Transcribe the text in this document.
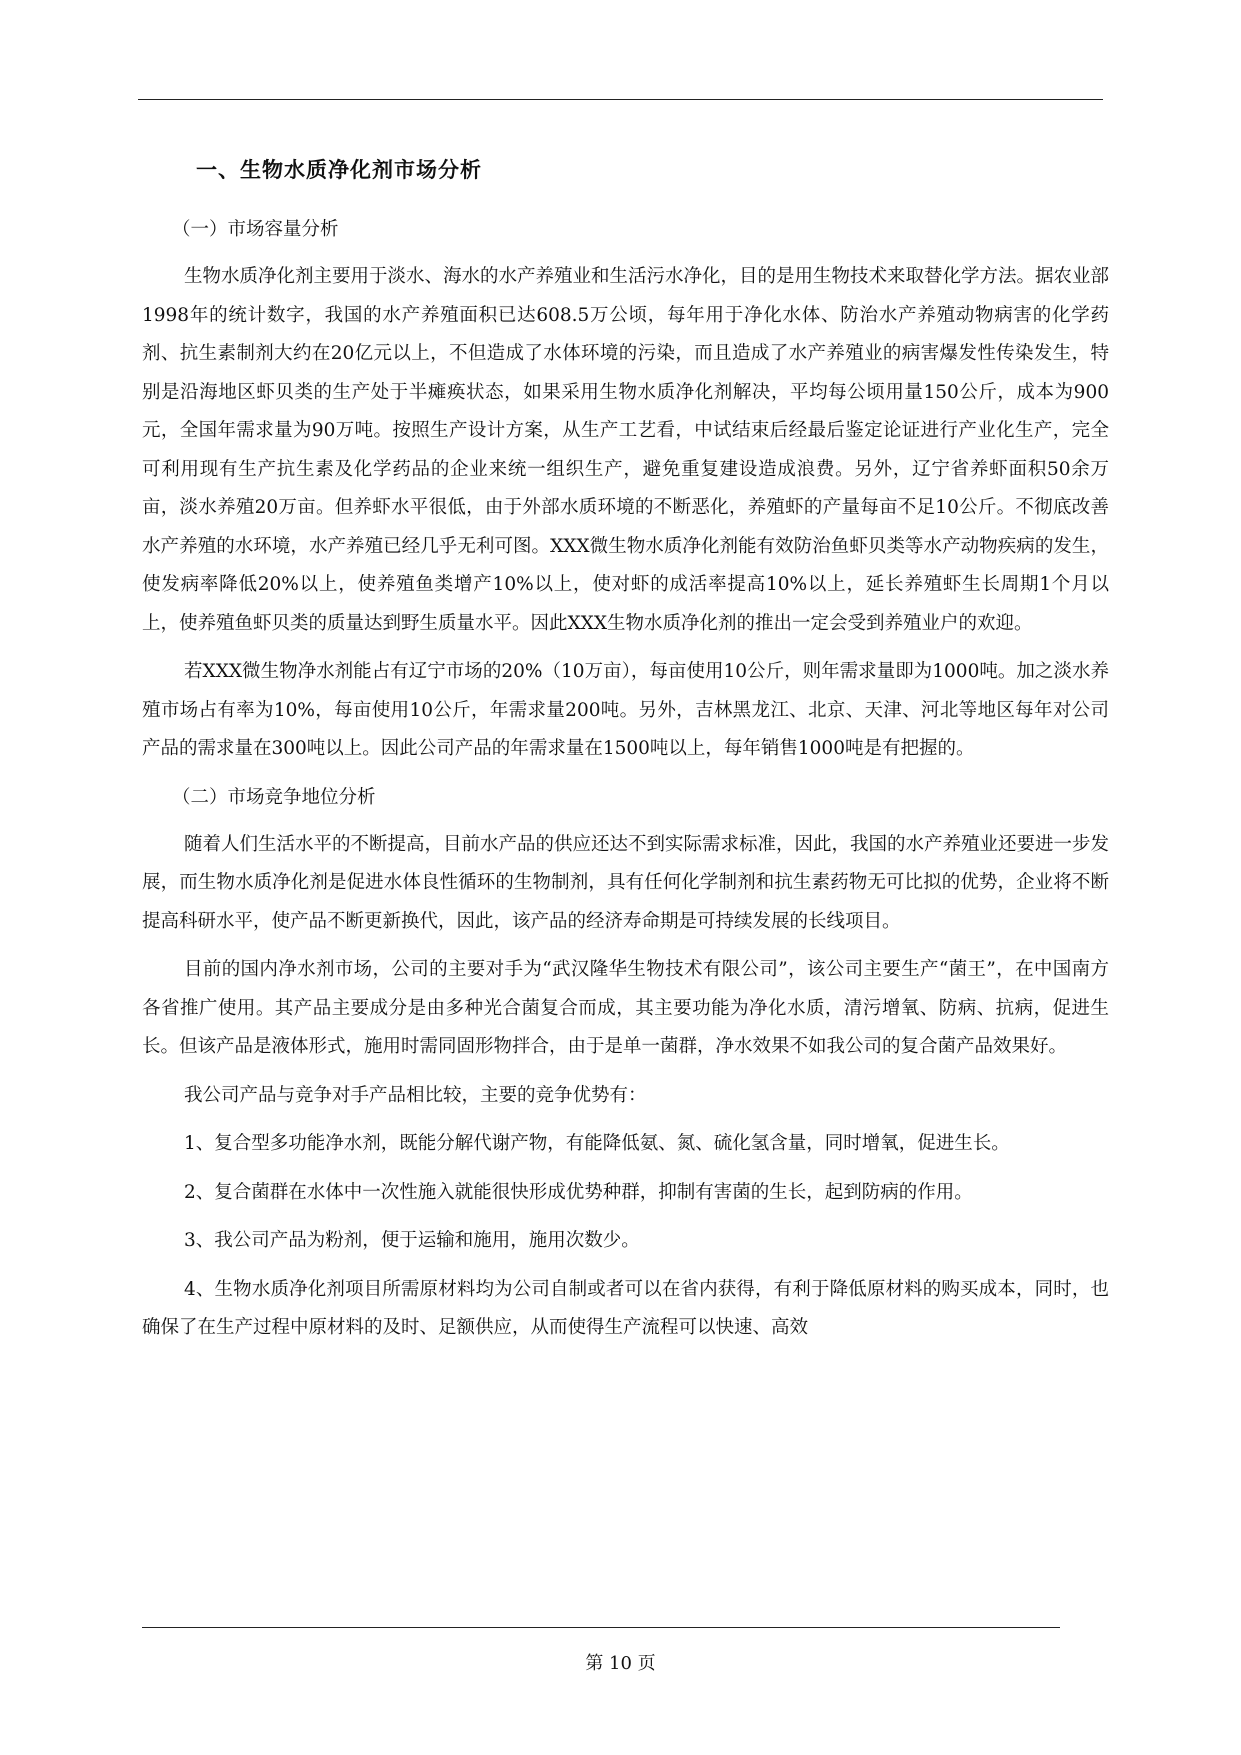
一、生物水质净化剂市场分析
（一）市场容量分析

生物水质净化剂主要用于淡水、海水的水产养殖业和生活污水净化，目的是用生物技术来取替化学方法。据农业部1998年的统计数字，我国的水产养殖面积已达608.5万公顷，每年用于净化水体、防治水产养殖动物病害的化学药剂、抗生素制剂大约在20亿元以上，不但造成了水体环境的污染，而且造成了水产养殖业的病害爆发性传染发生，特别是沿海地区虾贝类的生产处于半瘫痪状态，如果采用生物水质净化剂解决，平均每公顷用量150公斤，成本为900元，全国年需求量为90万吨。按照生产设计方案，从生产工艺看，中试结束后经最后鉴定论证进行产业化生产，完全可利用现有生产抗生素及化学药品的企业来统一组织生产，避免重复建设造成浪费。另外，辽宁省养虾面积50余万亩，淡水养殖20万亩。但养虾水平很低，由于外部水质环境的不断恶化，养殖虾的产量每亩不足10公斤。不彻底改善水产养殖的水环境，水产养殖已经几乎无利可图。XXX微生物水质净化剂能有效防治鱼虾贝类等水产动物疾病的发生，使发病率降低20%以上，使养殖鱼类增产10%以上，使对虾的成活率提高10%以上，延长养殖虾生长周期1个月以上，使养殖鱼虾贝类的质量达到野生质量水平。因此XXX生物水质净化剂的推出一定会受到养殖业户的欢迎。

若XXX微生物净水剂能占有辽宁市场的20%（10万亩），每亩使用10公斤，则年需求量即为1000吨。加之淡水养殖市场占有率为10%，每亩使用10公斤，年需求量200吨。另外，吉林黑龙江、北京、天津、河北等地区每年对公司产品的需求量在300吨以上。因此公司产品的年需求量在1500吨以上，每年销售1000吨是有把握的。

（二）市场竞争地位分析

随着人们生活水平的不断提高，目前水产品的供应还达不到实际需求标准，因此，我国的水产养殖业还要进一步发展，而生物水质净化剂是促进水体良性循环的生物制剂，具有任何化学制剂和抗生素药物无可比拟的优势，企业将不断提高科研水平，使产品不断更新换代，因此，该产品的经济寿命期是可持续发展的长线项目。

目前的国内净水剂市场，公司的主要对手为“武汉隆华生物技术有限公司”，该公司主要生产“菌王”，在中国南方各省推广使用。其产品主要成分是由多种光合菌复合而成，其主要功能为净化水质，清污增氧、防病、抗病，促进生长。但该产品是液体形式，施用时需同固形物拌合，由于是单一菌群，净水效果不如我公司的复合菌产品效果好。

我公司产品与竞争对手产品相比较，主要的竞争优势有：

1、复合型多功能净水剂，既能分解代谢产物，有能降低氨、氮、硫化氢含量，同时增氧，促进生长。

2、复合菌群在水体中一次性施入就能很快形成优势种群，抑制有害菌的生长，起到防病的作用。

3、我公司产品为粉剂，便于运输和施用，施用次数少。

4、生物水质净化剂项目所需原材料均为公司自制或者可以在省内获得，有利于降低原材料的购买成本，同时，也确保了在生产过程中原材料的及时、足额供应，从而使得生产流程可以快速、高效

第 10 页
